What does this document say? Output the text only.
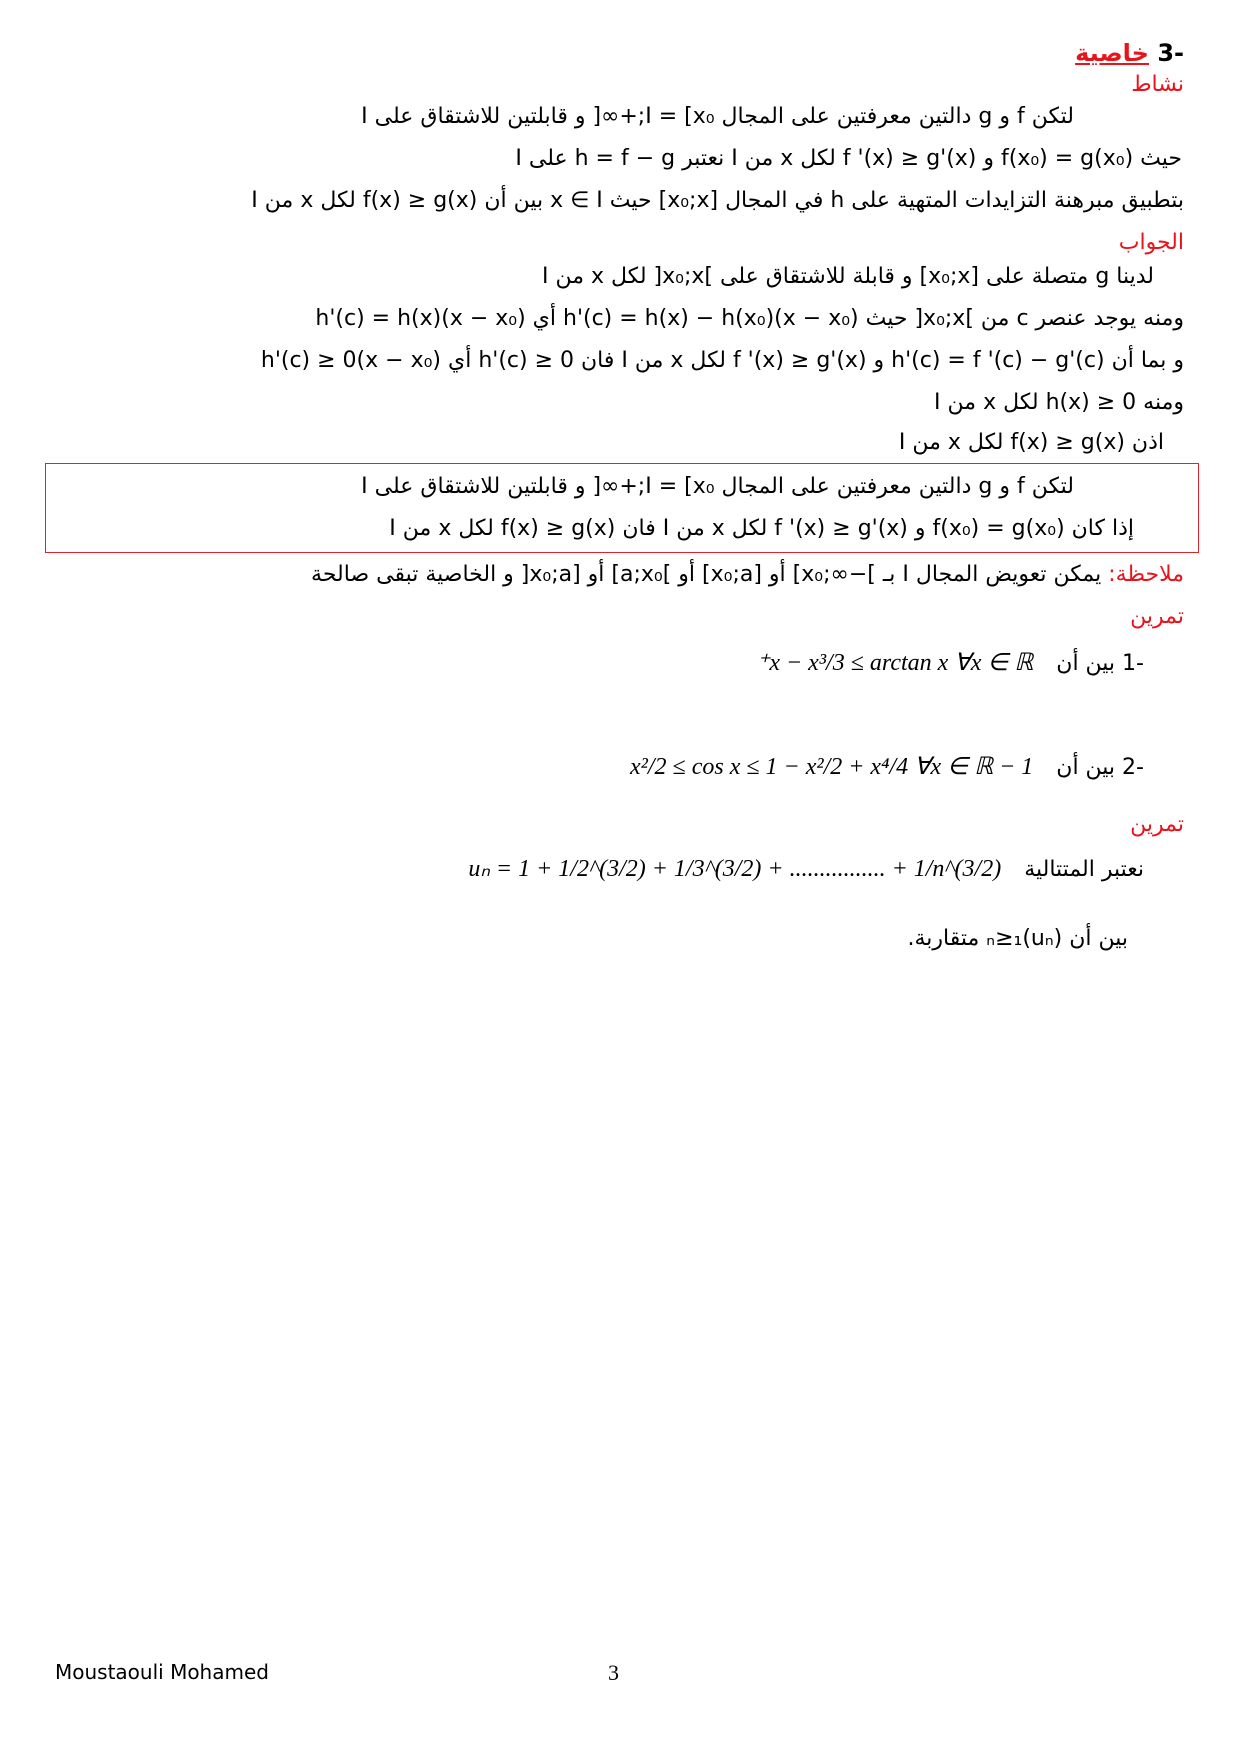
-3 خاصية
نشاط
لتكن f و g دالتين معرفتين على المجال I = [x₀;+∞[ و قابلتين للاشتقاق على I
حيث f(x₀) = g(x₀) و f '(x) ≥ g'(x) لكل x من I نعتبر h = f − g على I
بتطبيق مبرهنة التزايدات المتهية على h في المجال [x₀;x] حيث x ∈ I بين أن f(x) ≥ g(x) لكل x من I
الجواب
لدينا g متصلة على [x₀;x] و قابلة للاشتقاق على ]x₀;x[ لكل x من I
ومنه يوجد عنصر c من ]x₀;x[ حيث (x − x₀)h'(c) = h(x) − h(x₀) أي (x − x₀)h'(c) = h(x)
و بما أن h'(c) = f '(c) − g'(c) و f '(x) ≥ g'(x) لكل x من I فان h'(c) ≥ 0 أي (x − x₀)h'(c) ≥ 0
ومنه h(x) ≥ 0 لكل x من I
اذن f(x) ≥ g(x) لكل x من I
لتكن f و g دالتين معرفتين على المجال I = [x₀;+∞[ و قابلتين للاشتقاق على I
إذا كان f(x₀) = g(x₀) و f '(x) ≥ g'(x) لكل x من I فان f(x) ≥ g(x) لكل x من I
ملاحظة: يمكن تعويض المجال I بـ ]−∞;x₀] أو [x₀;a] أو ]a;x₀] أو [x₀;a[ و الخاصية تبقى صالحة
تمرين
-1 بين أن x − x³/3 ≤ arctan x ∀x ∈ ℝ⁺
-2 بين أن 1 − x²/2 ≤ cos x ≤ 1 − x²/2 + x⁴/4 ∀x ∈ ℝ
تمرين
نعتبر المتتالية uₙ = 1 + 1/2^(3/2) + 1/3^(3/2) + ................ + 1/n^(3/2)
بين أن (uₙ)ₙ≥₁ متقاربة.
Moustaouli Mohamed	3
